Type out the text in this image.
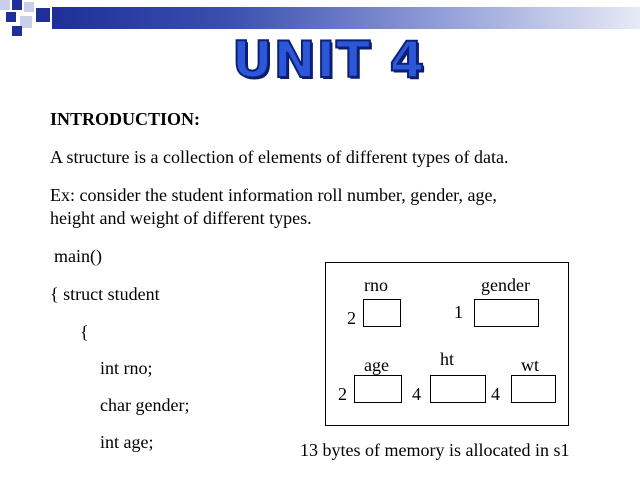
UNIT 4
INTRODUCTION:
A structure is a collection of elements of different types of data.
Ex: consider the student information roll number, gender, age,
height and weight of different types.
main()
{ struct student
{
int rno;
char gender;
int age;
rno
2
gender
1
age
2
ht
4
wt
4
13 bytes of memory is allocated in s1
